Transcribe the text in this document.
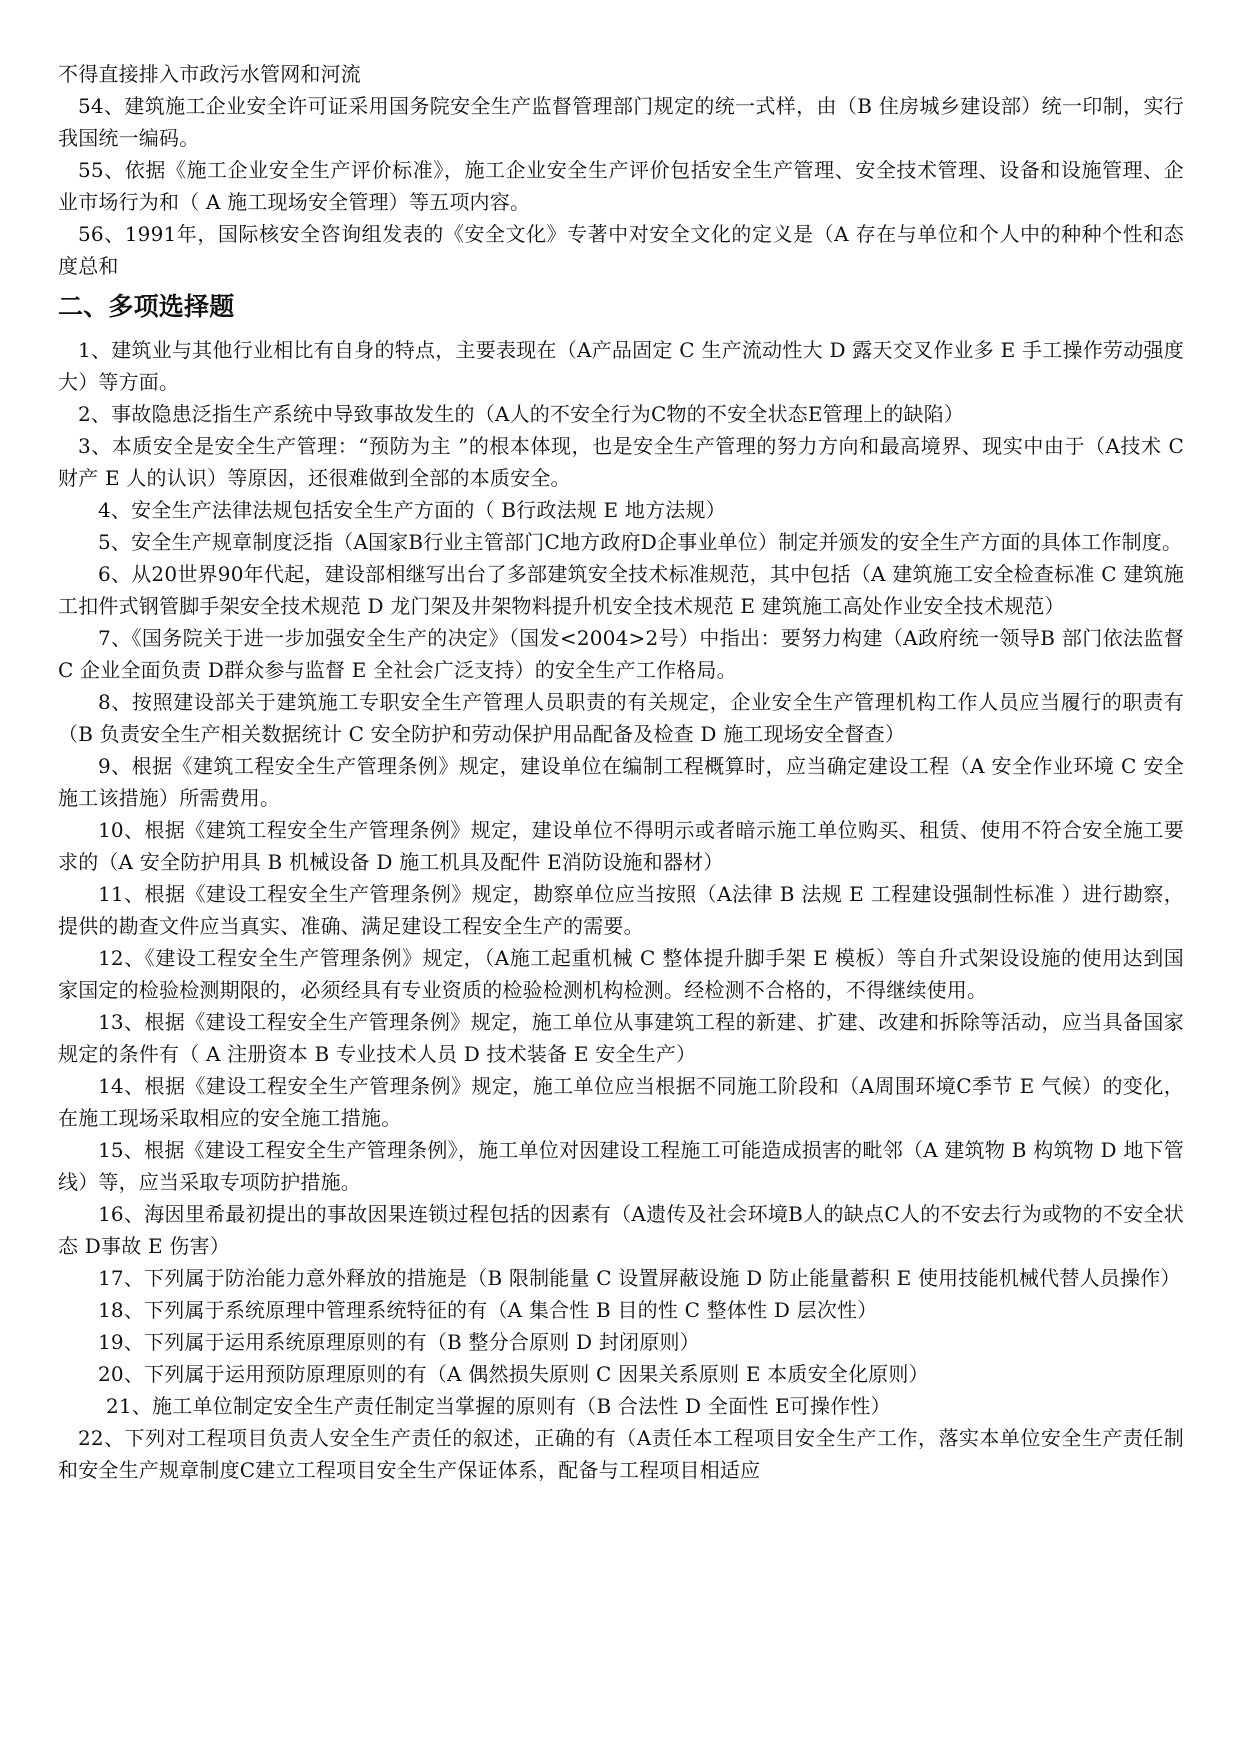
不得直接排入市政污水管网和河流

54、建筑施工企业安全许可证采用国务院安全生产监督管理部门规定的统一式样，由（B 住房城乡建设部）统一印制，实行我国统一编码。

55、依据《施工企业安全生产评价标准》，施工企业安全生产评价包括安全生产管理、安全技术管理、设备和设施管理、企业市场行为和（ A 施工现场安全管理）等五项内容。

56、1991年，国际核安全咨询组发表的《安全文化》专著中对安全文化的定义是（A 存在与单位和个人中的种种个性和态度总和

二、多项选择题

1、建筑业与其他行业相比有自身的特点，主要表现在（A产品固定 C 生产流动性大 D 露天交叉作业多 E 手工操作劳动强度大）等方面。

2、事故隐患泛指生产系统中导致事故发生的（A人的不安全行为C物的不安全状态E管理上的缺陷）

3、本质安全是安全生产管理：“预防为主 ”的根本体现，也是安全生产管理的努力方向和最高境界、现实中由于（A技术 C 财产 E 人的认识）等原因，还很难做到全部的本质安全。

4、安全生产法律法规包括安全生产方面的（ B行政法规 E 地方法规）

5、安全生产规章制度泛指（A国家B行业主管部门C地方政府D企事业单位）制定并颁发的安全生产方面的具体工作制度。

6、从20世界90年代起，建设部相继写出台了多部建筑安全技术标准规范，其中包括（A 建筑施工安全检查标准 C 建筑施工扣件式钢管脚手架安全技术规范 D 龙门架及井架物料提升机安全技术规范 E 建筑施工高处作业安全技术规范）

7、《国务院关于进一步加强安全生产的决定》（国发<2004>2号）中指出：要努力构建（A政府统一领导B 部门依法监督 C 企业全面负责 D群众参与监督 E 全社会广泛支持）的安全生产工作格局。

8、按照建设部关于建筑施工专职安全生产管理人员职责的有关规定，企业安全生产管理机构工作人员应当履行的职责有（B 负责安全生产相关数据统计 C 安全防护和劳动保护用品配备及检查 D 施工现场安全督查）

9、根据《建筑工程安全生产管理条例》规定，建设单位在编制工程概算时，应当确定建设工程（A 安全作业环境 C 安全施工该措施）所需费用。

10、根据《建筑工程安全生产管理条例》规定，建设单位不得明示或者暗示施工单位购买、租赁、使用不符合安全施工要求的（A 安全防护用具 B 机械设备 D 施工机具及配件 E消防设施和器材）

11、根据《建设工程安全生产管理条例》规定，勘察单位应当按照（A法律 B 法规 E 工程建设强制性标准 ）进行勘察，提供的勘查文件应当真实、准确、满足建设工程安全生产的需要。

12、《建设工程安全生产管理条例》规定，（A施工起重机械 C 整体提升脚手架 E 模板）等自升式架设设施的使用达到国家国定的检验检测期限的，必须经具有专业资质的检验检测机构检测。经检测不合格的，不得继续使用。

13、根据《建设工程安全生产管理条例》规定，施工单位从事建筑工程的新建、扩建、改建和拆除等活动，应当具备国家规定的条件有（ A 注册资本 B 专业技术人员 D 技术装备 E 安全生产）

14、根据《建设工程安全生产管理条例》规定，施工单位应当根据不同施工阶段和（A周围环境C季节 E 气候）的变化，在施工现场采取相应的安全施工措施。

15、根据《建设工程安全生产管理条例》，施工单位对因建设工程施工可能造成损害的毗邻（A 建筑物 B 构筑物 D 地下管线）等，应当采取专项防护措施。

16、海因里希最初提出的事故因果连锁过程包括的因素有（A遗传及社会环境B人的缺点C人的不安去行为或物的不安全状态 D事故 E 伤害）

17、下列属于防治能力意外释放的措施是（B 限制能量 C 设置屏蔽设施 D 防止能量蓄积 E 使用技能机械代替人员操作）

18、下列属于系统原理中管理系统特征的有（A 集合性 B 目的性 C 整体性 D 层次性）

19、下列属于运用系统原理原则的有（B 整分合原则 D 封闭原则）

20、下列属于运用预防原理原则的有（A 偶然损失原则 C 因果关系原则 E 本质安全化原则）

21、施工单位制定安全生产责任制定当掌握的原则有（B 合法性 D 全面性 E可操作性）

22、下列对工程项目负责人安全生产责任的叙述，正确的有（A责任本工程项目安全生产工作，落实本单位安全生产责任制和安全生产规章制度C建立工程项目安全生产保证体系，配备与工程项目相适应
